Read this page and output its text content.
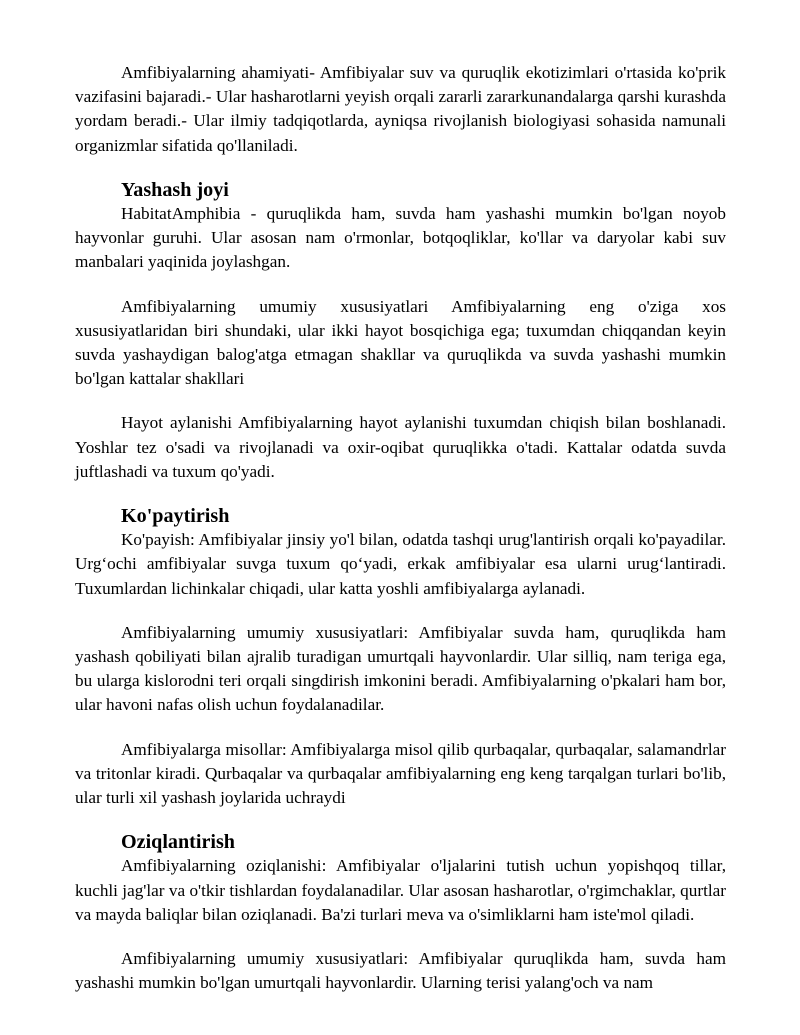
Amfibiyalarning ahamiyati- Amfibiyalar suv va quruqlik ekotizimlari o'rtasida ko'prik vazifasini bajaradi.- Ular hasharotlarni yeyish orqali zararli zararkunandalarga qarshi kurashda yordam beradi.- Ular ilmiy tadqiqotlarda, ayniqsa rivojlanish biologiyasi sohasida namunali organizmlar sifatida qo'llaniladi.

Yashash joyi

HabitatAmphibia - quruqlikda ham, suvda ham yashashi mumkin bo'lgan noyob hayvonlar guruhi. Ular asosan nam o'rmonlar, botqoqliklar, ko'llar va daryolar kabi suv manbalari yaqinida joylashgan.

Amfibiyalarning umumiy xususiyatlari Amfibiyalarning eng o'ziga xos xususiyatlaridan biri shundaki, ular ikki hayot bosqichiga ega; tuxumdan chiqqandan keyin suvda yashaydigan balog'atga etmagan shakllar va quruqlikda va suvda yashashi mumkin bo'lgan kattalar shakllari

Hayot aylanishi Amfibiyalarning hayot aylanishi tuxumdan chiqish bilan boshlanadi. Yoshlar tez o'sadi va rivojlanadi va oxir-oqibat quruqlikka o'tadi. Kattalar odatda suvda juftlashadi va tuxum qo'yadi.

Ko'paytirish

Ko'payish: Amfibiyalar jinsiy yo'l bilan, odatda tashqi urug'lantirish orqali ko'payadilar. Urg‘ochi amfibiyalar suvga tuxum qo‘yadi, erkak amfibiyalar esa ularni urug‘lantiradi. Tuxumlardan lichinkalar chiqadi, ular katta yoshli amfibiyalarga aylanadi.

Amfibiyalarning umumiy xususiyatlari: Amfibiyalar suvda ham, quruqlikda ham yashash qobiliyati bilan ajralib turadigan umurtqali hayvonlardir. Ular silliq, nam teriga ega, bu ularga kislorodni teri orqali singdirish imkonini beradi. Amfibiyalarning o'pkalari ham bor, ular havoni nafas olish uchun foydalanadilar.

Amfibiyalarga misollar: Amfibiyalarga misol qilib qurbaqalar, qurbaqalar, salamandrlar va tritonlar kiradi. Qurbaqalar va qurbaqalar amfibiyalarning eng keng tarqalgan turlari bo'lib, ular turli xil yashash joylarida uchraydi

Oziqlantirish

Amfibiyalarning oziqlanishi: Amfibiyalar o'ljalarini tutish uchun yopishqoq tillar, kuchli jag'lar va o'tkir tishlardan foydalanadilar. Ular asosan hasharotlar, o'rgimchaklar, qurtlar va mayda baliqlar bilan oziqlanadi. Ba'zi turlari meva va o'simliklarni ham iste'mol qiladi.

Amfibiyalarning umumiy xususiyatlari: Amfibiyalar quruqlikda ham, suvda ham yashashi mumkin bo'lgan umurtqali hayvonlardir. Ularning terisi yalang'och va nam
